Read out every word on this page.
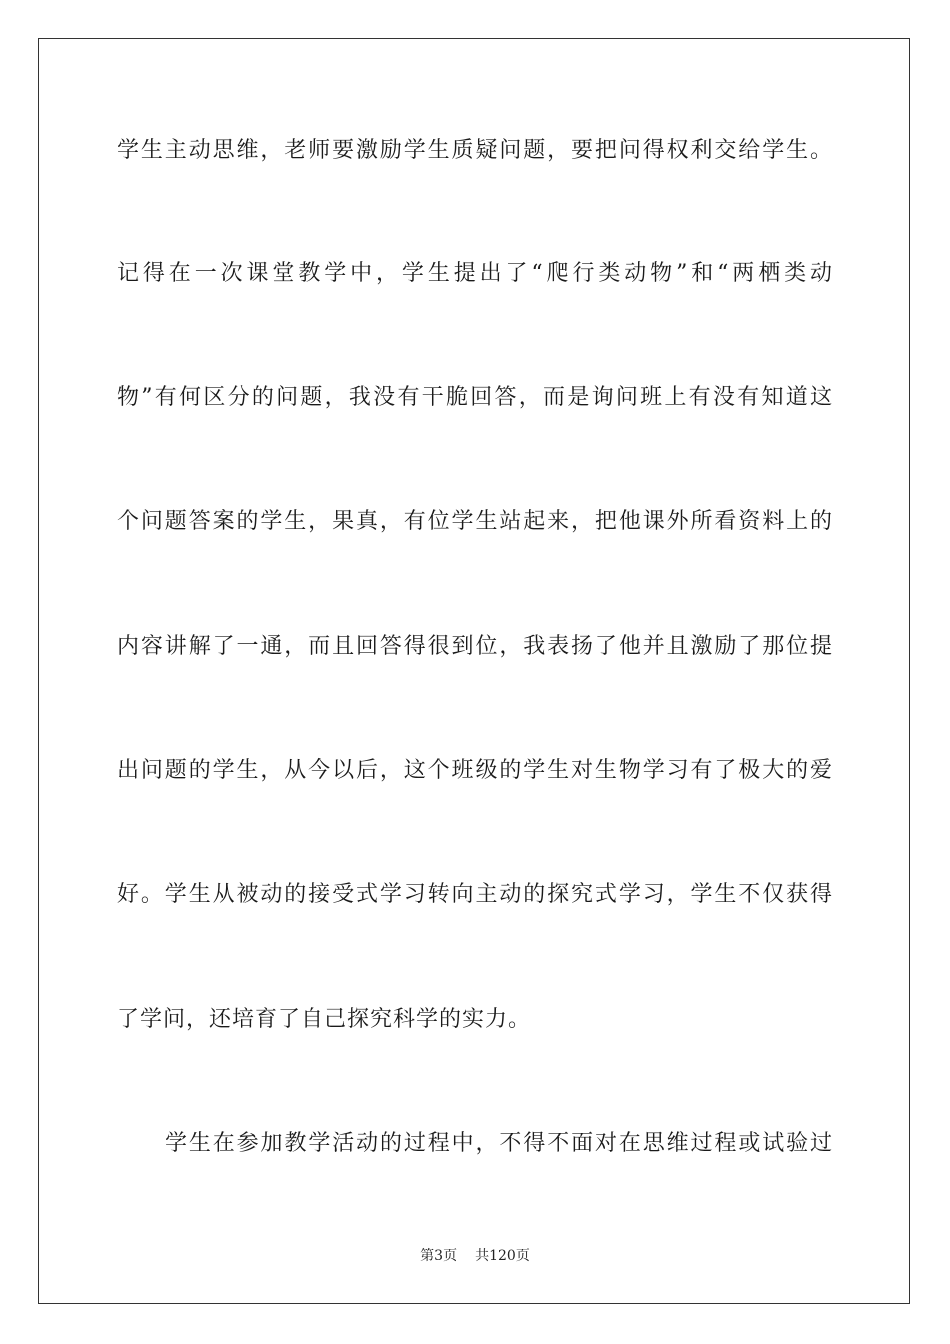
学生主动思维，老师要激励学生质疑问题，要把问得权利交给学生。
记得在一次课堂教学中，学生提出了“爬行类动物”和“两栖类动
物”有何区分的问题，我没有干脆回答，而是询问班上有没有知道这
个问题答案的学生，果真，有位学生站起来，把他课外所看资料上的
内容讲解了一通，而且回答得很到位，我表扬了他并且激励了那位提
出问题的学生，从今以后，这个班级的学生对生物学习有了极大的爱
好。学生从被动的接受式学习转向主动的探究式学习，学生不仅获得
了学问，还培育了自己探究科学的实力。
学生在参加教学活动的过程中，不得不面对在思维过程或试验过
第3页 共120页
